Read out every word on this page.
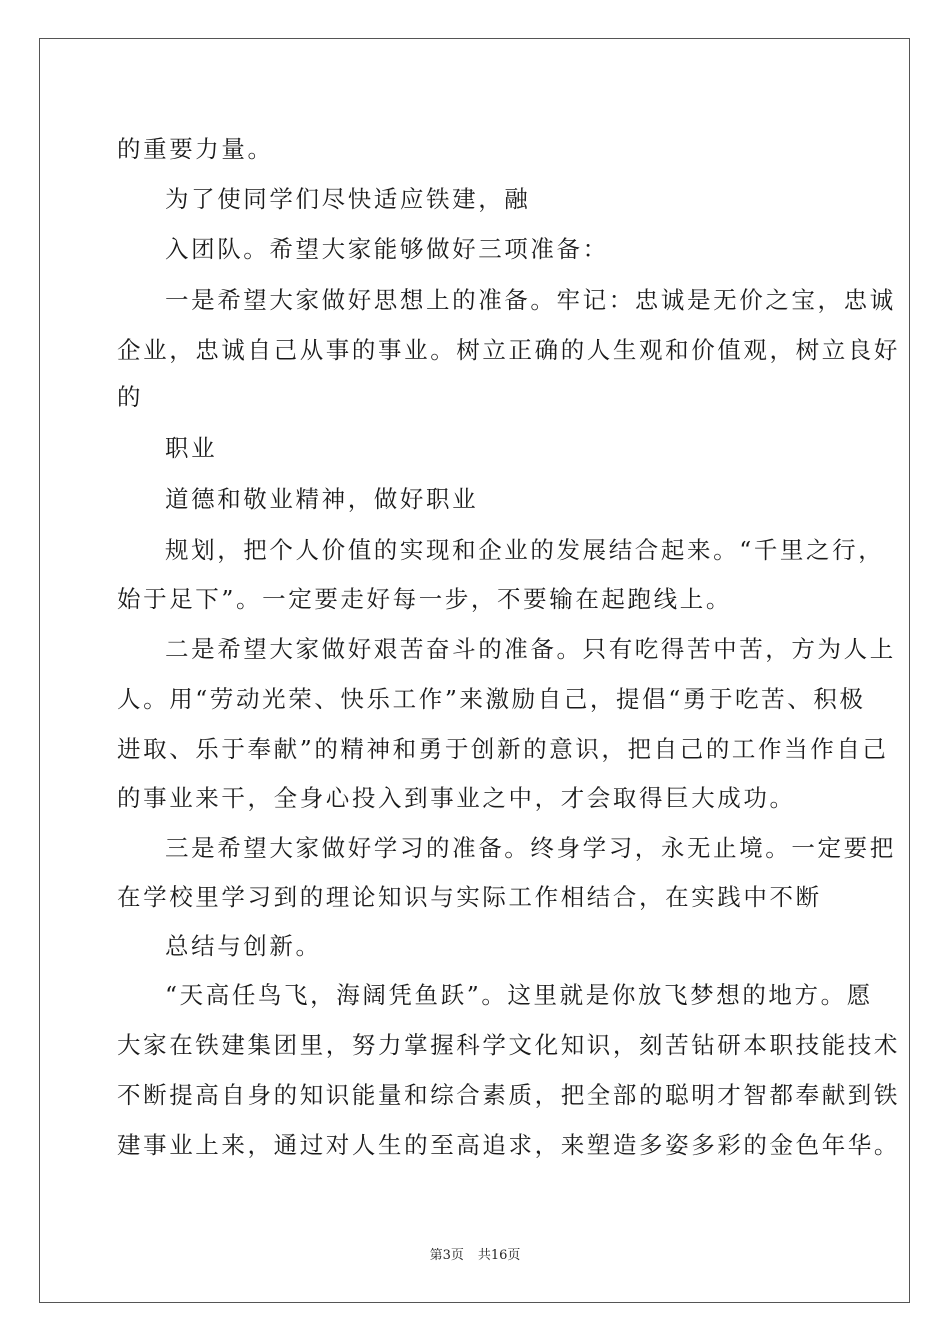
的重要力量。
为了使同学们尽快适应铁建，融
入团队。希望大家能够做好三项准备：
一是希望大家做好思想上的准备。牢记：忠诚是无价之宝，忠诚
企业，忠诚自己从事的事业。树立正确的人生观和价值观，树立良好
的
职业
道德和敬业精神，做好职业
规划，把个人价值的实现和企业的发展结合起来。“千里之行，
始于足下”。一定要走好每一步，不要输在起跑线上。
二是希望大家做好艰苦奋斗的准备。只有吃得苦中苦，方为人上
人。用“劳动光荣、快乐工作”来激励自己，提倡“勇于吃苦、积极
进取、乐于奉献”的精神和勇于创新的意识，把自己的工作当作自己
的事业来干，全身心投入到事业之中，才会取得巨大成功。
三是希望大家做好学习的准备。终身学习，永无止境。一定要把
在学校里学习到的理论知识与实际工作相结合，在实践中不断
总结与创新。
“天高任鸟飞，海阔凭鱼跃”。这里就是你放飞梦想的地方。愿
大家在铁建集团里，努力掌握科学文化知识，刻苦钻研本职技能技术
不断提高自身的知识能量和综合素质，把全部的聪明才智都奉献到铁
建事业上来，通过对人生的至高追求，来塑造多姿多彩的金色年华。
第3页 共16页
